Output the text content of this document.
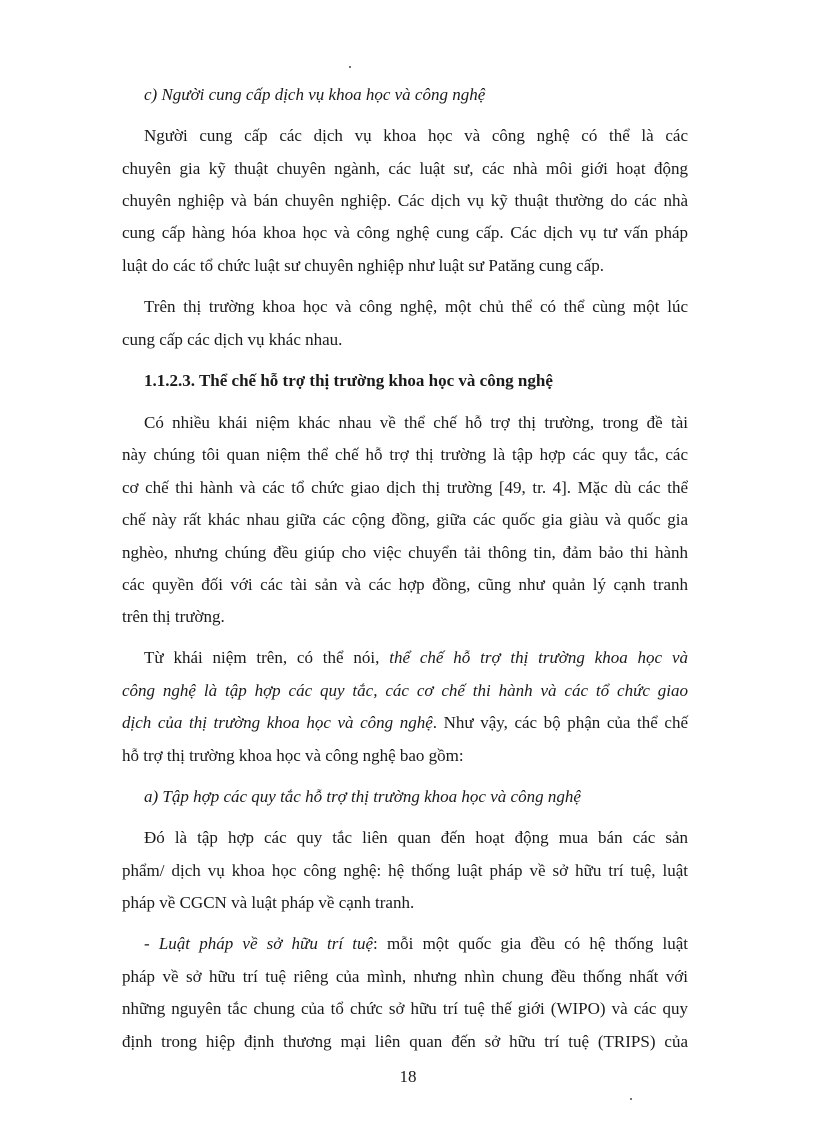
c) Người cung cấp dịch vụ khoa học và công nghệ
Người cung cấp các dịch vụ khoa học và công nghệ có thể là các
chuyên gia kỹ thuật chuyên ngành, các luật sư, các nhà môi giới hoạt động
chuyên nghiệp và bán chuyên nghiệp. Các dịch vụ kỹ thuật thường do các nhà
cung cấp hàng hóa khoa học và công nghệ cung cấp. Các dịch vụ tư vấn pháp
luật do các tổ chức luật sư chuyên nghiệp như luật sư Patăng cung cấp.
Trên thị trường khoa học và công nghệ, một chủ thể có thể cùng một lúc
cung cấp các dịch vụ khác nhau.
1.1.2.3. Thể chế hỗ trợ thị trường khoa học và công nghệ
Có nhiều khái niệm khác nhau về thể chế hỗ trợ thị trường, trong đề tài
này chúng tôi quan niệm thể chế hỗ trợ thị trường là tập hợp các quy tắc, các
cơ chế thi hành và các tổ chức giao dịch thị trường [49, tr. 4]. Mặc dù các thể
chế này rất khác nhau giữa các cộng đồng, giữa các quốc gia giàu và quốc gia
nghèo, nhưng chúng đều giúp cho việc chuyển tải thông tin, đảm bảo thi hành
các quyền đối với các tài sản và các hợp đồng, cũng như quản lý cạnh tranh
trên thị trường.
Từ khái niệm trên, có thể nói, thể chế hỗ trợ thị trường khoa học và
công nghệ là tập hợp các quy tắc, các cơ chế thi hành và các tổ chức giao
dịch của thị trường khoa học và công nghệ. Như vậy, các bộ phận của thể chế
hỗ trợ thị trường khoa học và công nghệ bao gồm:
a) Tập hợp các quy tắc hỗ trợ thị trường khoa học và công nghệ
Đó là tập hợp các quy tắc liên quan đến hoạt động mua bán các sản
phẩm/ dịch vụ khoa học công nghệ: hệ thống luật pháp về sở hữu trí tuệ, luật
pháp về CGCN và luật pháp về cạnh tranh.
- Luật pháp về sở hữu trí tuệ: mỗi một quốc gia đều có hệ thống luật
pháp về sở hữu trí tuệ riêng của mình, nhưng nhìn chung đều thống nhất với
những nguyên tắc chung của tổ chức sở hữu trí tuệ thế giới (WIPO) và các quy
định trong hiệp định thương mại liên quan đến sở hữu trí tuệ (TRIPS) của
18
